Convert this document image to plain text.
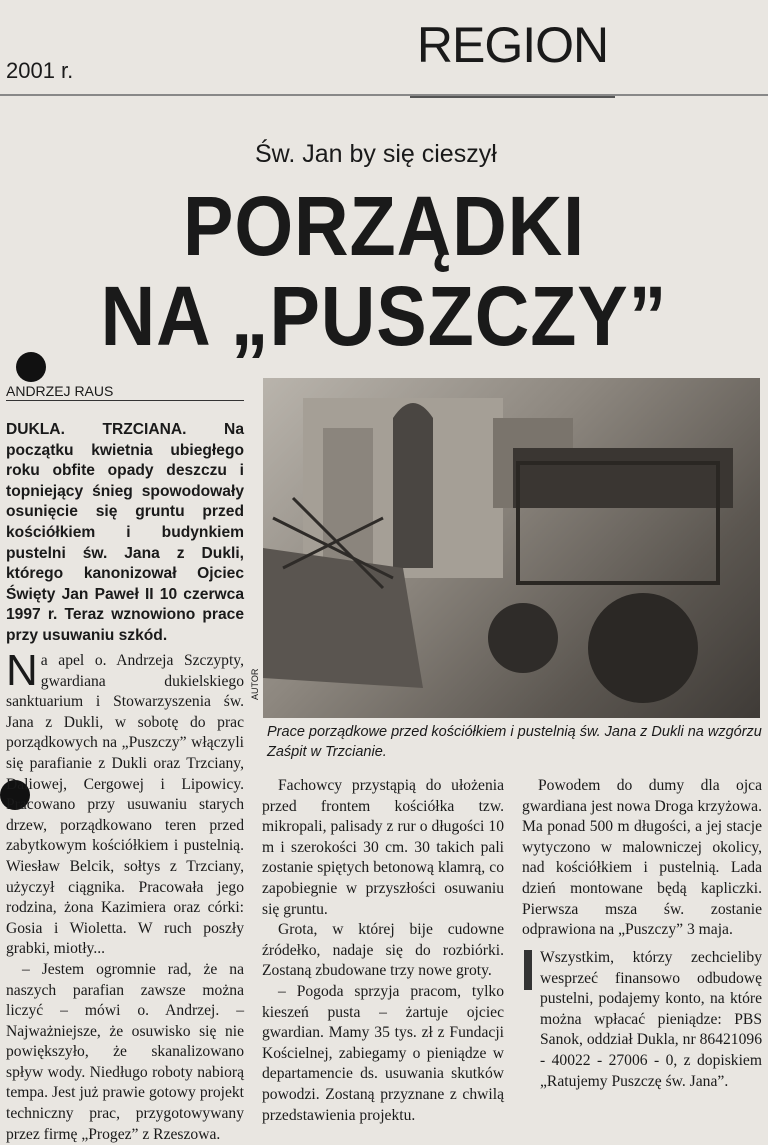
2001 r.	REGION
Św. Jan by się cieszył
PORZĄDKI
NA „PUSZCZY”
ANDRZEJ RAUS
DUKLA. TRZCIANA. Na początku kwietnia ubiegłego roku obfite opady deszczu i topniejący śnieg spowodowały osunięcie się gruntu przed kościółkiem i budynkiem pustelni św. Jana z Dukli, którego kanonizował Ojciec Święty Jan Paweł II 10 czerwca 1997 r. Teraz wznowiono prace przy usuwaniu szkód.
AUTOR
Prace porządkowe przed kościółkiem i pustelnią św. Jana z Dukli na wzgórzu Zaśpit w Trzcianie.

Na apel o. Andrzeja Szczypty, gwardiana dukielskiego sanktuarium i Stowarzyszenia św. Jana z Dukli, w sobotę do prac porządkowych na „Puszczy” włączyli się parafianie z Dukli oraz Trzciany, Daliowej, Cergowej i Lipowicy. Pracowano przy usuwaniu starych drzew, porządkowano teren przed zabytkowym kościółkiem i pustelnią. Wiesław Belcik, sołtys z Trzciany, użyczył ciągnika. Pracowała jego rodzina, żona Kazimiera oraz córki: Gosia i Wioletta. W ruch poszły grabki, miotły...

– Jestem ogromnie rad, że na naszych parafian zawsze można liczyć – mówi o. Andrzej. – Najważniejsze, że osuwisko się nie powiększyło, że skanalizowano spływ wody. Niedługo roboty nabiorą tempa. Jest już prawie gotowy projekt techniczny prac, przygotowywany przez firmę „Progez” z Rzeszowa.

Fachowcy przystąpią do ułożenia przed frontem kościółka tzw. mikropali, palisady z rur o długości 10 m i szerokości 30 cm. 30 takich pali zostanie spiętych betonową klamrą, co zapobiegnie w przyszłości osuwaniu się gruntu.

Grota, w której bije cudowne źródełko, nadaje się do rozbiórki. Zostaną zbudowane trzy nowe groty.

– Pogoda sprzyja pracom, tylko kieszeń pusta – żartuje ojciec gwardian. Mamy 35 tys. zł z Fundacji Kościelnej, zabiegamy o pieniądze w departamencie ds. usuwania skutków powodzi. Zostaną przyznane z chwilą przedstawienia projektu.

Powodem do dumy dla ojca gwardiana jest nowa Droga krzyżowa. Ma ponad 500 m długości, a jej stacje wytyczono w malowniczej okolicy, nad kościółkiem i pustelnią. Lada dzień montowane będą kapliczki. Pierwsza msza św. zostanie odprawiona na „Puszczy” 3 maja.

Wszystkim, którzy zechcieliby wesprzeć finansowo odbudowę pustelni, podajemy konto, na które można wpłacać pieniądze: PBS Sanok, oddział Dukla, nr 86421096 - 40022 - 27006 - 0, z dopiskiem „Ratujemy Puszczę św. Jana”.
